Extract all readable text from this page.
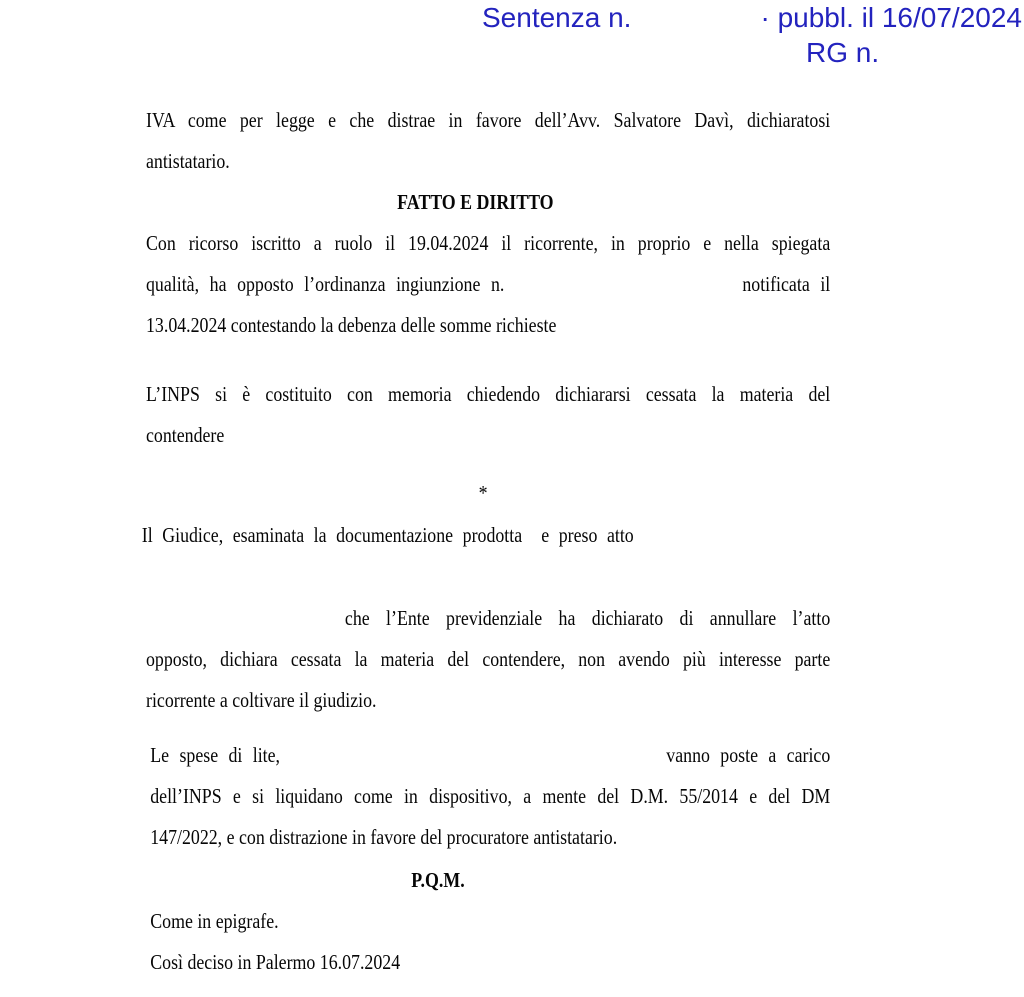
Sentenza n.	· pubbl. il 16/07/2024
RG n.
IVA come per legge e che distrae in favore dell’Avv. Salvatore Davì, dichiaratosi
antistatario.
FATTO E DIRITTO
Con ricorso iscritto a ruolo il 19.04.2024 il ricorrente, in proprio e nella spiegata
qualità, ha opposto l’ordinanza ingiunzione n.	notificata il
13.04.2024 contestando la debenza delle somme richieste
L’INPS si è costituito con memoria chiedendo dichiararsi cessata la materia del
contendere
*
Il Giudice, esaminata la documentazione prodotta  e preso atto
che l’Ente previdenziale ha dichiarato di annullare l’atto
opposto, dichiara cessata la materia del contendere, non avendo più interesse parte
ricorrente a coltivare il giudizio.
Le spese di lite,	vanno poste a carico
dell’INPS e si liquidano come in dispositivo, a mente del D.M. 55/2014 e del DM
147/2022, e con distrazione in favore del procuratore antistatario.
P.Q.M.
Come in epigrafe.
Così deciso in Palermo 16.07.2024
